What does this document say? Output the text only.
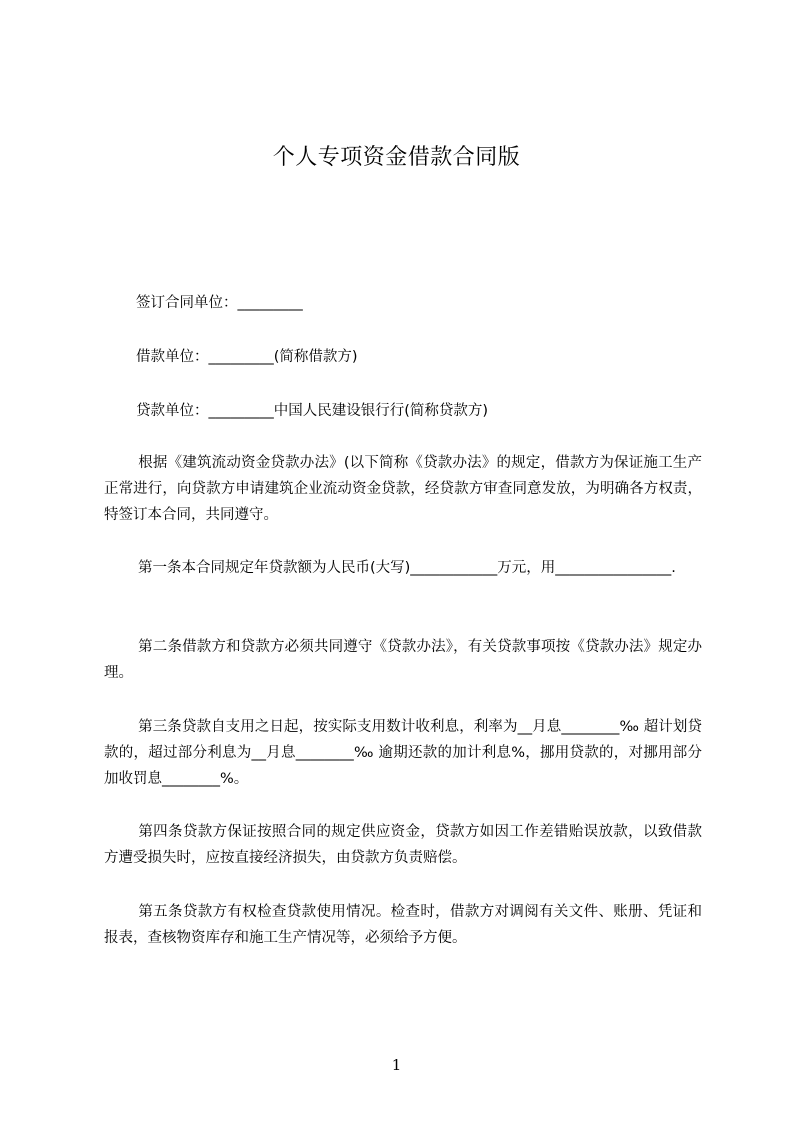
个人专项资金借款合同版
签订合同单位：_________
借款单位：_________(简称借款方)
贷款单位：_________中国人民建设银行行(简称贷款方)
根据《建筑流动资金贷款办法》(以下简称《贷款办法》的规定，借款方为保证施工生产正常进行，向贷款方申请建筑企业流动资金贷款，经贷款方审查同意发放，为明确各方权责，特签订本合同，共同遵守。
第一条本合同规定年贷款额为人民币(大写)____________万元，用________________.
第二条借款方和贷款方必须共同遵守《贷款办法》，有关贷款事项按《贷款办法》规定办理。
第三条贷款自支用之日起，按实际支用数计收利息，利率为__月息________‰ 超计划贷款的，超过部分利息为__月息________‰ 逾期还款的加计利息%，挪用贷款的，对挪用部分加收罚息________%。
第四条贷款方保证按照合同的规定供应资金，贷款方如因工作差错贻误放款，以致借款方遭受损失时，应按直接经济损失，由贷款方负责赔偿。
第五条贷款方有权检查贷款使用情况。检查时，借款方对调阅有关文件、账册、凭证和报表，查核物资库存和施工生产情况等，必须给予方便。
1
